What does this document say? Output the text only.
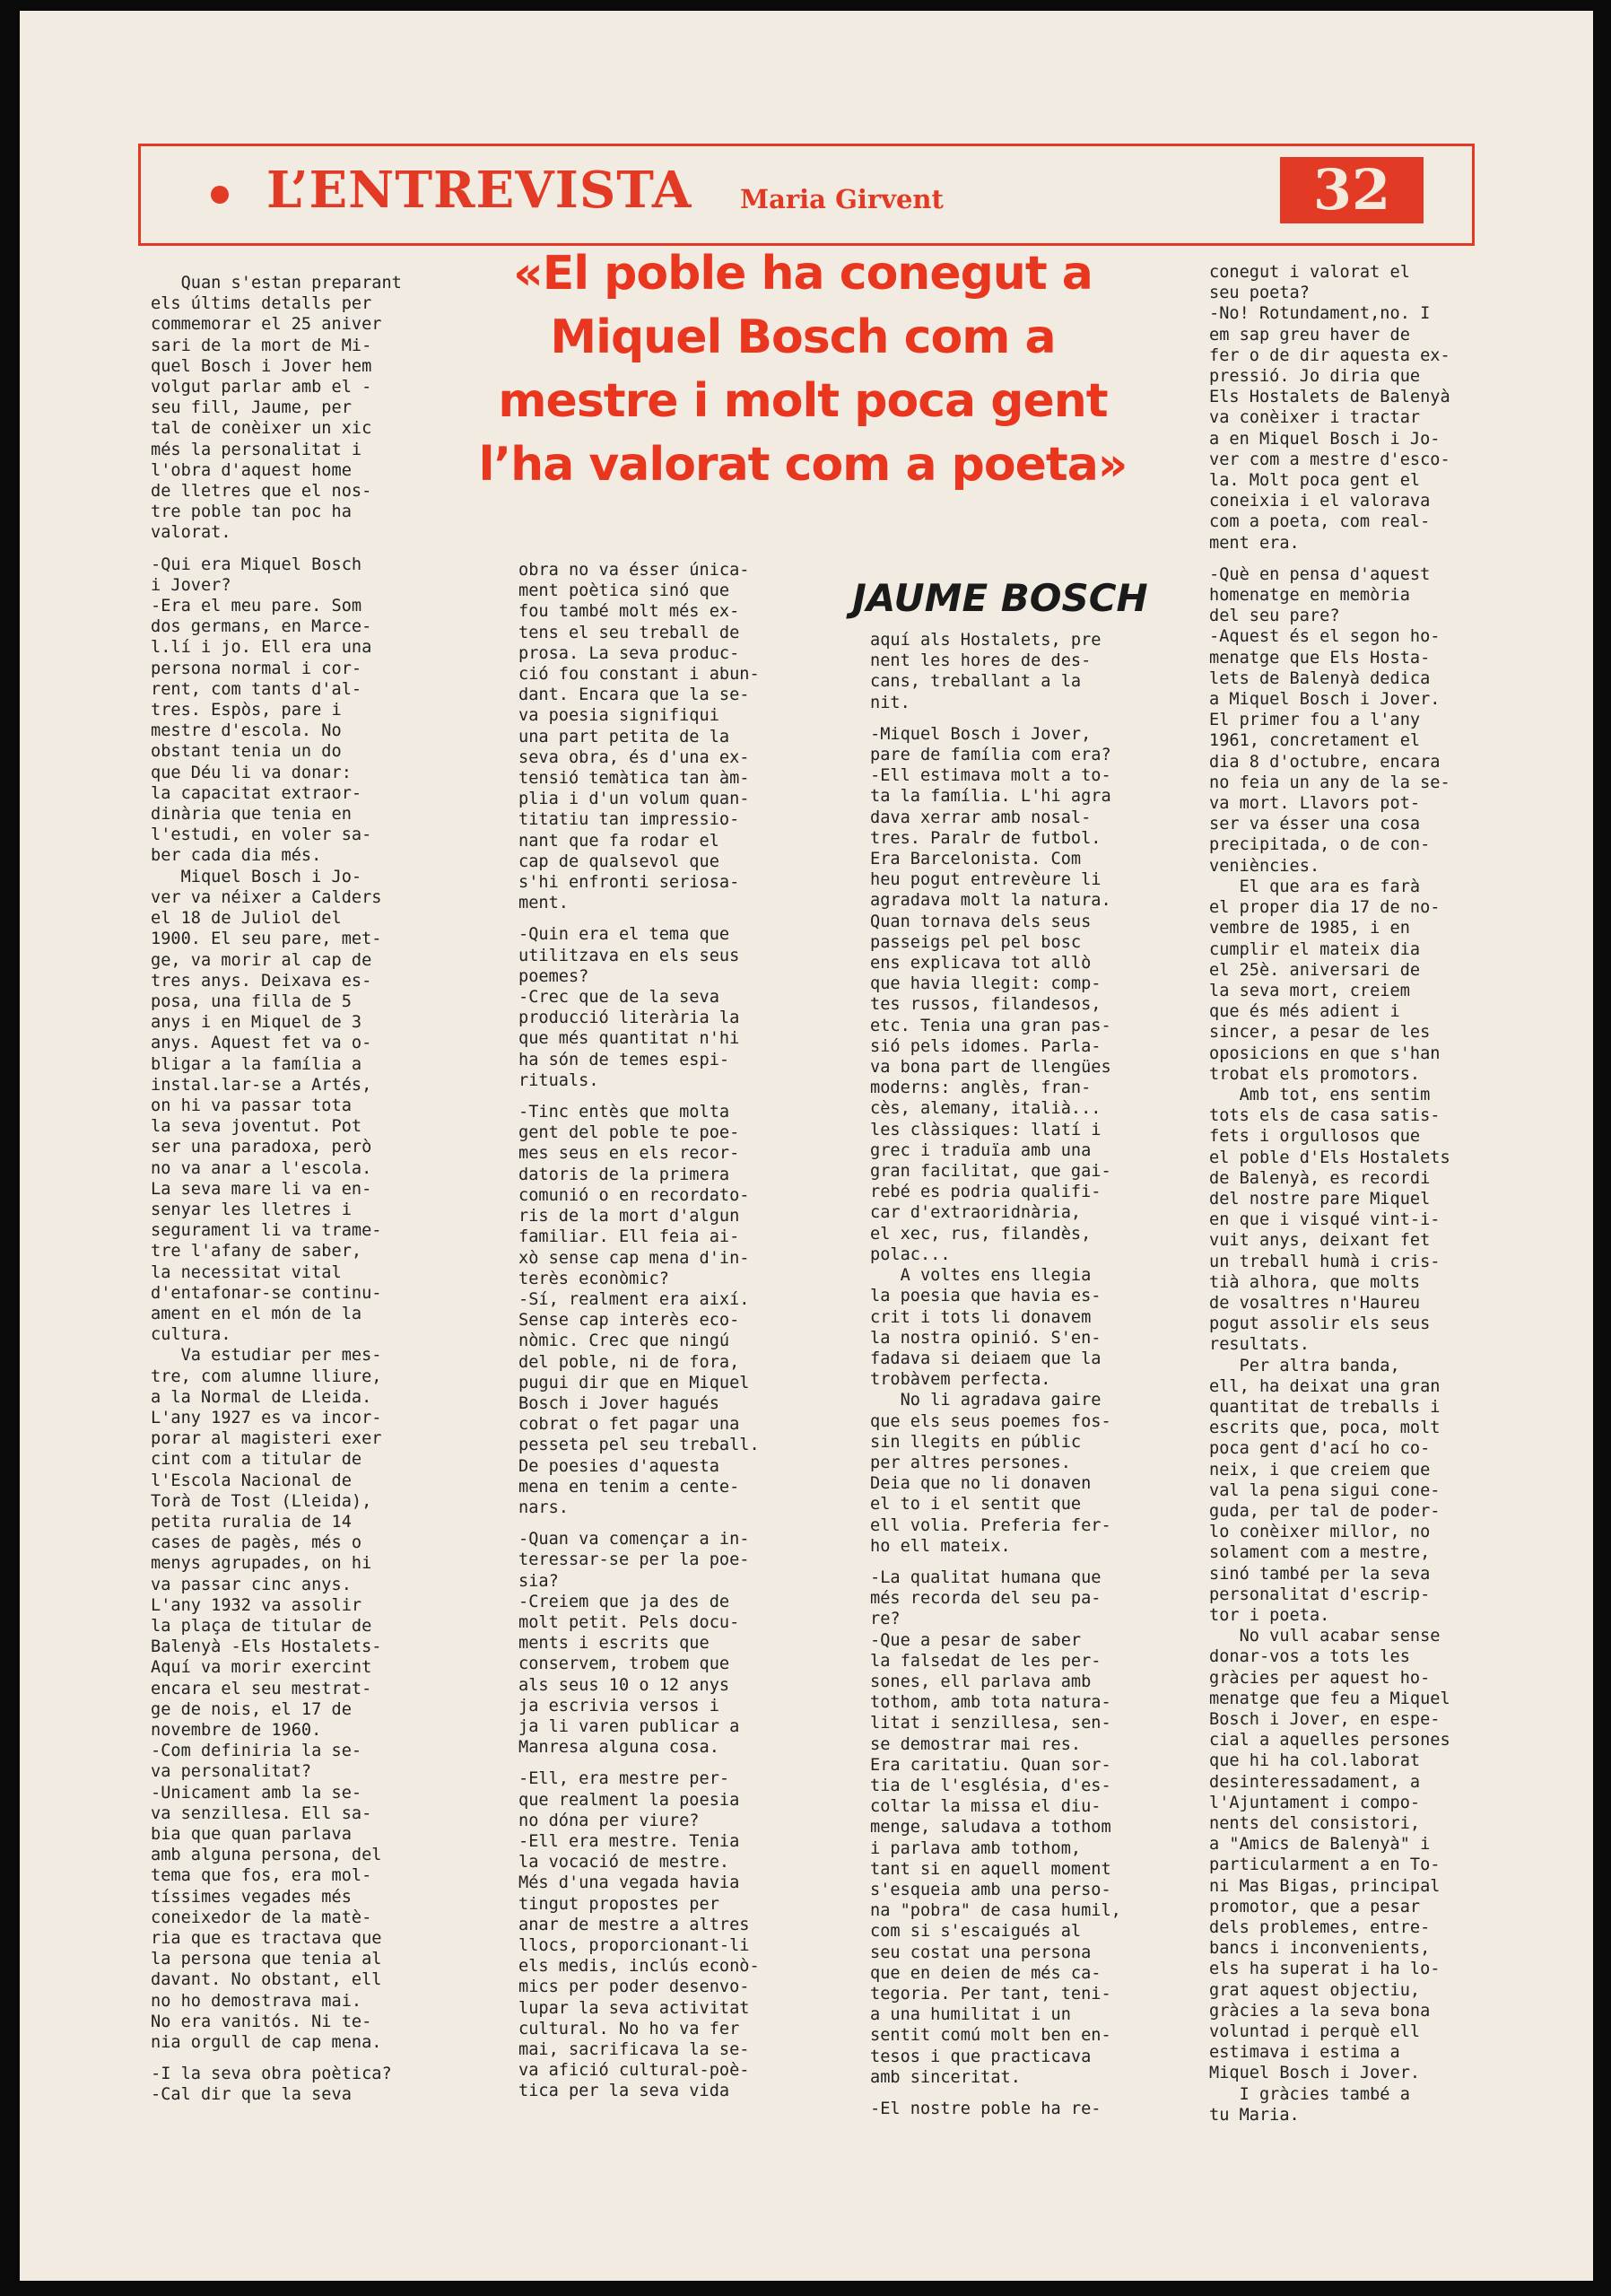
L’ENTREVISTA Maria Girvent	32
«El poble ha conegut a Miquel Bosch com a mestre i molt poca gent l’ha valorat com a poeta»
JAUME BOSCH

Quan s'estan preparant
els últims detalls per
commemorar el 25 aniver
sari de la mort de Mi-
quel Bosch i Jover hem
volgut parlar amb el -
seu fill, Jaume, per
tal de conèixer un xic
més la personalitat i
l'obra d'aquest home
de lletres que el nos-
tre poble tan poc ha
valorat.

-Qui era Miquel Bosch
i Jover?
-Era el meu pare. Som
dos germans, en Marce-
l.lí i jo. Ell era una
persona normal i cor-
rent, com tants d'al-
tres. Espòs, pare i
mestre d'escola. No
obstant tenia un do
que Déu li va donar:
la capacitat extraor-
dinària que tenia en
l'estudi, en voler sa-
ber cada dia més.
Miquel Bosch i Jo-
ver va néixer a Calders
el 18 de Juliol del
1900. El seu pare, met-
ge, va morir al cap de
tres anys. Deixava es-
posa, una filla de 5
anys i en Miquel de 3
anys. Aquest fet va o-
bligar a la família a
instal.lar-se a Artés,
on hi va passar tota
la seva joventut. Pot
ser una paradoxa, però
no va anar a l'escola.
La seva mare li va en-
senyar les lletres i
segurament li va trame-
tre l'afany de saber,
la necessitat vital
d'entafonar-se continu-
ament en el món de la
cultura.
Va estudiar per mes-
tre, com alumne lliure,
a la Normal de Lleida.
L'any 1927 es va incor-
porar al magisteri exer
cint com a titular de
l'Escola Nacional de
Torà de Tost (Lleida),
petita ruralia de 14
cases de pagès, més o
menys agrupades, on hi
va passar cinc anys.
L'any 1932 va assolir
la plaça de titular de
Balenyà -Els Hostalets-
Aquí va morir exercint
encara el seu mestrat-
ge de nois, el 17 de
novembre de 1960.
-Com definiria la se-
va personalitat?
-Unicament amb la se-
va senzillesa. Ell sa-
bia que quan parlava
amb alguna persona, del
tema que fos, era mol-
tíssimes vegades més
coneixedor de la matè-
ria que es tractava que
la persona que tenia al
davant. No obstant, ell
no ho demostrava mai.
No era vanitós. Ni te-
nia orgull de cap mena.

-I la seva obra poètica?
-Cal dir que la seva

obra no va ésser única-
ment poètica sinó que
fou també molt més ex-
tens el seu treball de
prosa. La seva produc-
ció fou constant i abun-
dant. Encara que la se-
va poesia signifiqui
una part petita de la
seva obra, és d'una ex-
tensió temàtica tan àm-
plia i d'un volum quan-
titatiu tan impressio-
nant que fa rodar el
cap de qualsevol que
s'hi enfronti seriosa-
ment.

-Quin era el tema que
utilitzava en els seus
poemes?
-Crec que de la seva
producció literària la
que més quantitat n'hi
ha són de temes espi-
rituals.

-Tinc entès que molta
gent del poble te poe-
mes seus en els recor-
datoris de la primera
comunió o en recordato-
ris de la mort d'algun
familiar. Ell feia ai-
xò sense cap mena d'in-
terès econòmic?
-Sí, realment era així.
Sense cap interès eco-
nòmic. Crec que ningú
del poble, ni de fora,
pugui dir que en Miquel
Bosch i Jover hagués
cobrat o fet pagar una
pesseta pel seu treball.
De poesies d'aquesta
mena en tenim a cente-
nars.

-Quan va començar a in-
teressar-se per la poe-
sia?
-Creiem que ja des de
molt petit. Pels docu-
ments i escrits que
conservem, trobem que
als seus 10 o 12 anys
ja escrivia versos i
ja li varen publicar a
Manresa alguna cosa.

-Ell, era mestre per-
que realment la poesia
no dóna per viure?
-Ell era mestre. Tenia
la vocació de mestre.
Més d'una vegada havia
tingut propostes per
anar de mestre a altres
llocs, proporcionant-li
els medis, inclús econò-
mics per poder desenvo-
lupar la seva activitat
cultural. No ho va fer
mai, sacrificava la se-
va afició cultural-poè-
tica per la seva vida

aquí als Hostalets, pre
nent les hores de des-
cans, treballant a la
nit.

-Miquel Bosch i Jover,
pare de família com era?
-Ell estimava molt a to-
ta la família. L'hi agra
dava xerrar amb nosal-
tres. Paralr de futbol.
Era Barcelonista. Com
heu pogut entrevèure li
agradava molt la natura.
Quan tornava dels seus
passeigs pel pel bosc
ens explicava tot allò
que havia llegit: comp-
tes russos, filandesos,
etc. Tenia una gran pas-
sió pels idomes. Parla-
va bona part de llengües
moderns: anglès, fran-
cès, alemany, italià...
les clàssiques: llatí i
grec i traduïa amb una
gran facilitat, que gai-
rebé es podria qualifi-
car d'extraoridnària,
el xec, rus, filandès,
polac...
A voltes ens llegia
la poesia que havia es-
crit i tots li donavem
la nostra opinió. S'en-
fadava si deiaem que la
trobàvem perfecta.
No li agradava gaire
que els seus poemes fos-
sin llegits en públic
per altres persones.
Deia que no li donaven
el to i el sentit que
ell volia. Preferia fer-
ho ell mateix.

-La qualitat humana que
més recorda del seu pa-
re?
-Que a pesar de saber
la falsedat de les per-
sones, ell parlava amb
tothom, amb tota natura-
litat i senzillesa, sen-
se demostrar mai res.
Era caritatiu. Quan sor-
tia de l'església, d'es-
coltar la missa el diu-
menge, saludava a tothom
i parlava amb tothom,
tant si en aquell moment
s'esqueia amb una perso-
na "pobra" de casa humil,
com si s'escaigués al
seu costat una persona
que en deien de més ca-
tegoria. Per tant, teni-
a una humilitat i un
sentit comú molt ben en-
tesos i que practicava
amb sinceritat.

-El nostre poble ha re-

conegut i valorat el
seu poeta?
-No! Rotundament,no. I
em sap greu haver de
fer o de dir aquesta ex-
pressió. Jo diria que
Els Hostalets de Balenyà
va conèixer i tractar
a en Miquel Bosch i Jo-
ver com a mestre d'esco-
la. Molt poca gent el
coneixia i el valorava
com a poeta, com real-
ment era.

-Què en pensa d'aquest
homenatge en memòria
del seu pare?
-Aquest és el segon ho-
menatge que Els Hosta-
lets de Balenyà dedica
a Miquel Bosch i Jover.
El primer fou a l'any
1961, concretament el
dia 8 d'octubre, encara
no feia un any de la se-
va mort. Llavors pot-
ser va ésser una cosa
precipitada, o de con-
veniències.
El que ara es farà
el proper dia 17 de no-
vembre de 1985, i en
cumplir el mateix dia
el 25è. aniversari de
la seva mort, creiem
que és més adient i
sincer, a pesar de les
oposicions en que s'han
trobat els promotors.
Amb tot, ens sentim
tots els de casa satis-
fets i orgullosos que
el poble d'Els Hostalets
de Balenyà, es recordi
del nostre pare Miquel
en que i visqué vint-i-
vuit anys, deixant fet
un treball humà i cris-
tià alhora, que molts
de vosaltres n'Haureu
pogut assolir els seus
resultats.
Per altra banda,
ell, ha deixat una gran
quantitat de treballs i
escrits que, poca, molt
poca gent d'ací ho co-
neix, i que creiem que
val la pena sigui cone-
guda, per tal de poder-
lo conèixer millor, no
solament com a mestre,
sinó també per la seva
personalitat d'escrip-
tor i poeta.
No vull acabar sense
donar-vos a tots les
gràcies per aquest ho-
menatge que feu a Miquel
Bosch i Jover, en espe-
cial a aquelles persones
que hi ha col.laborat
desinteressadament, a
l'Ajuntament i compo-
nents del consistori,
a "Amics de Balenyà" i
particularment a en To-
ni Mas Bigas, principal
promotor, que a pesar
dels problemes, entre-
bancs i inconvenients,
els ha superat i ha lo-
grat aquest objectiu,
gràcies a la seva bona
voluntad i perquè ell
estimava i estima a
Miquel Bosch i Jover.
I gràcies també a
tu Maria.
